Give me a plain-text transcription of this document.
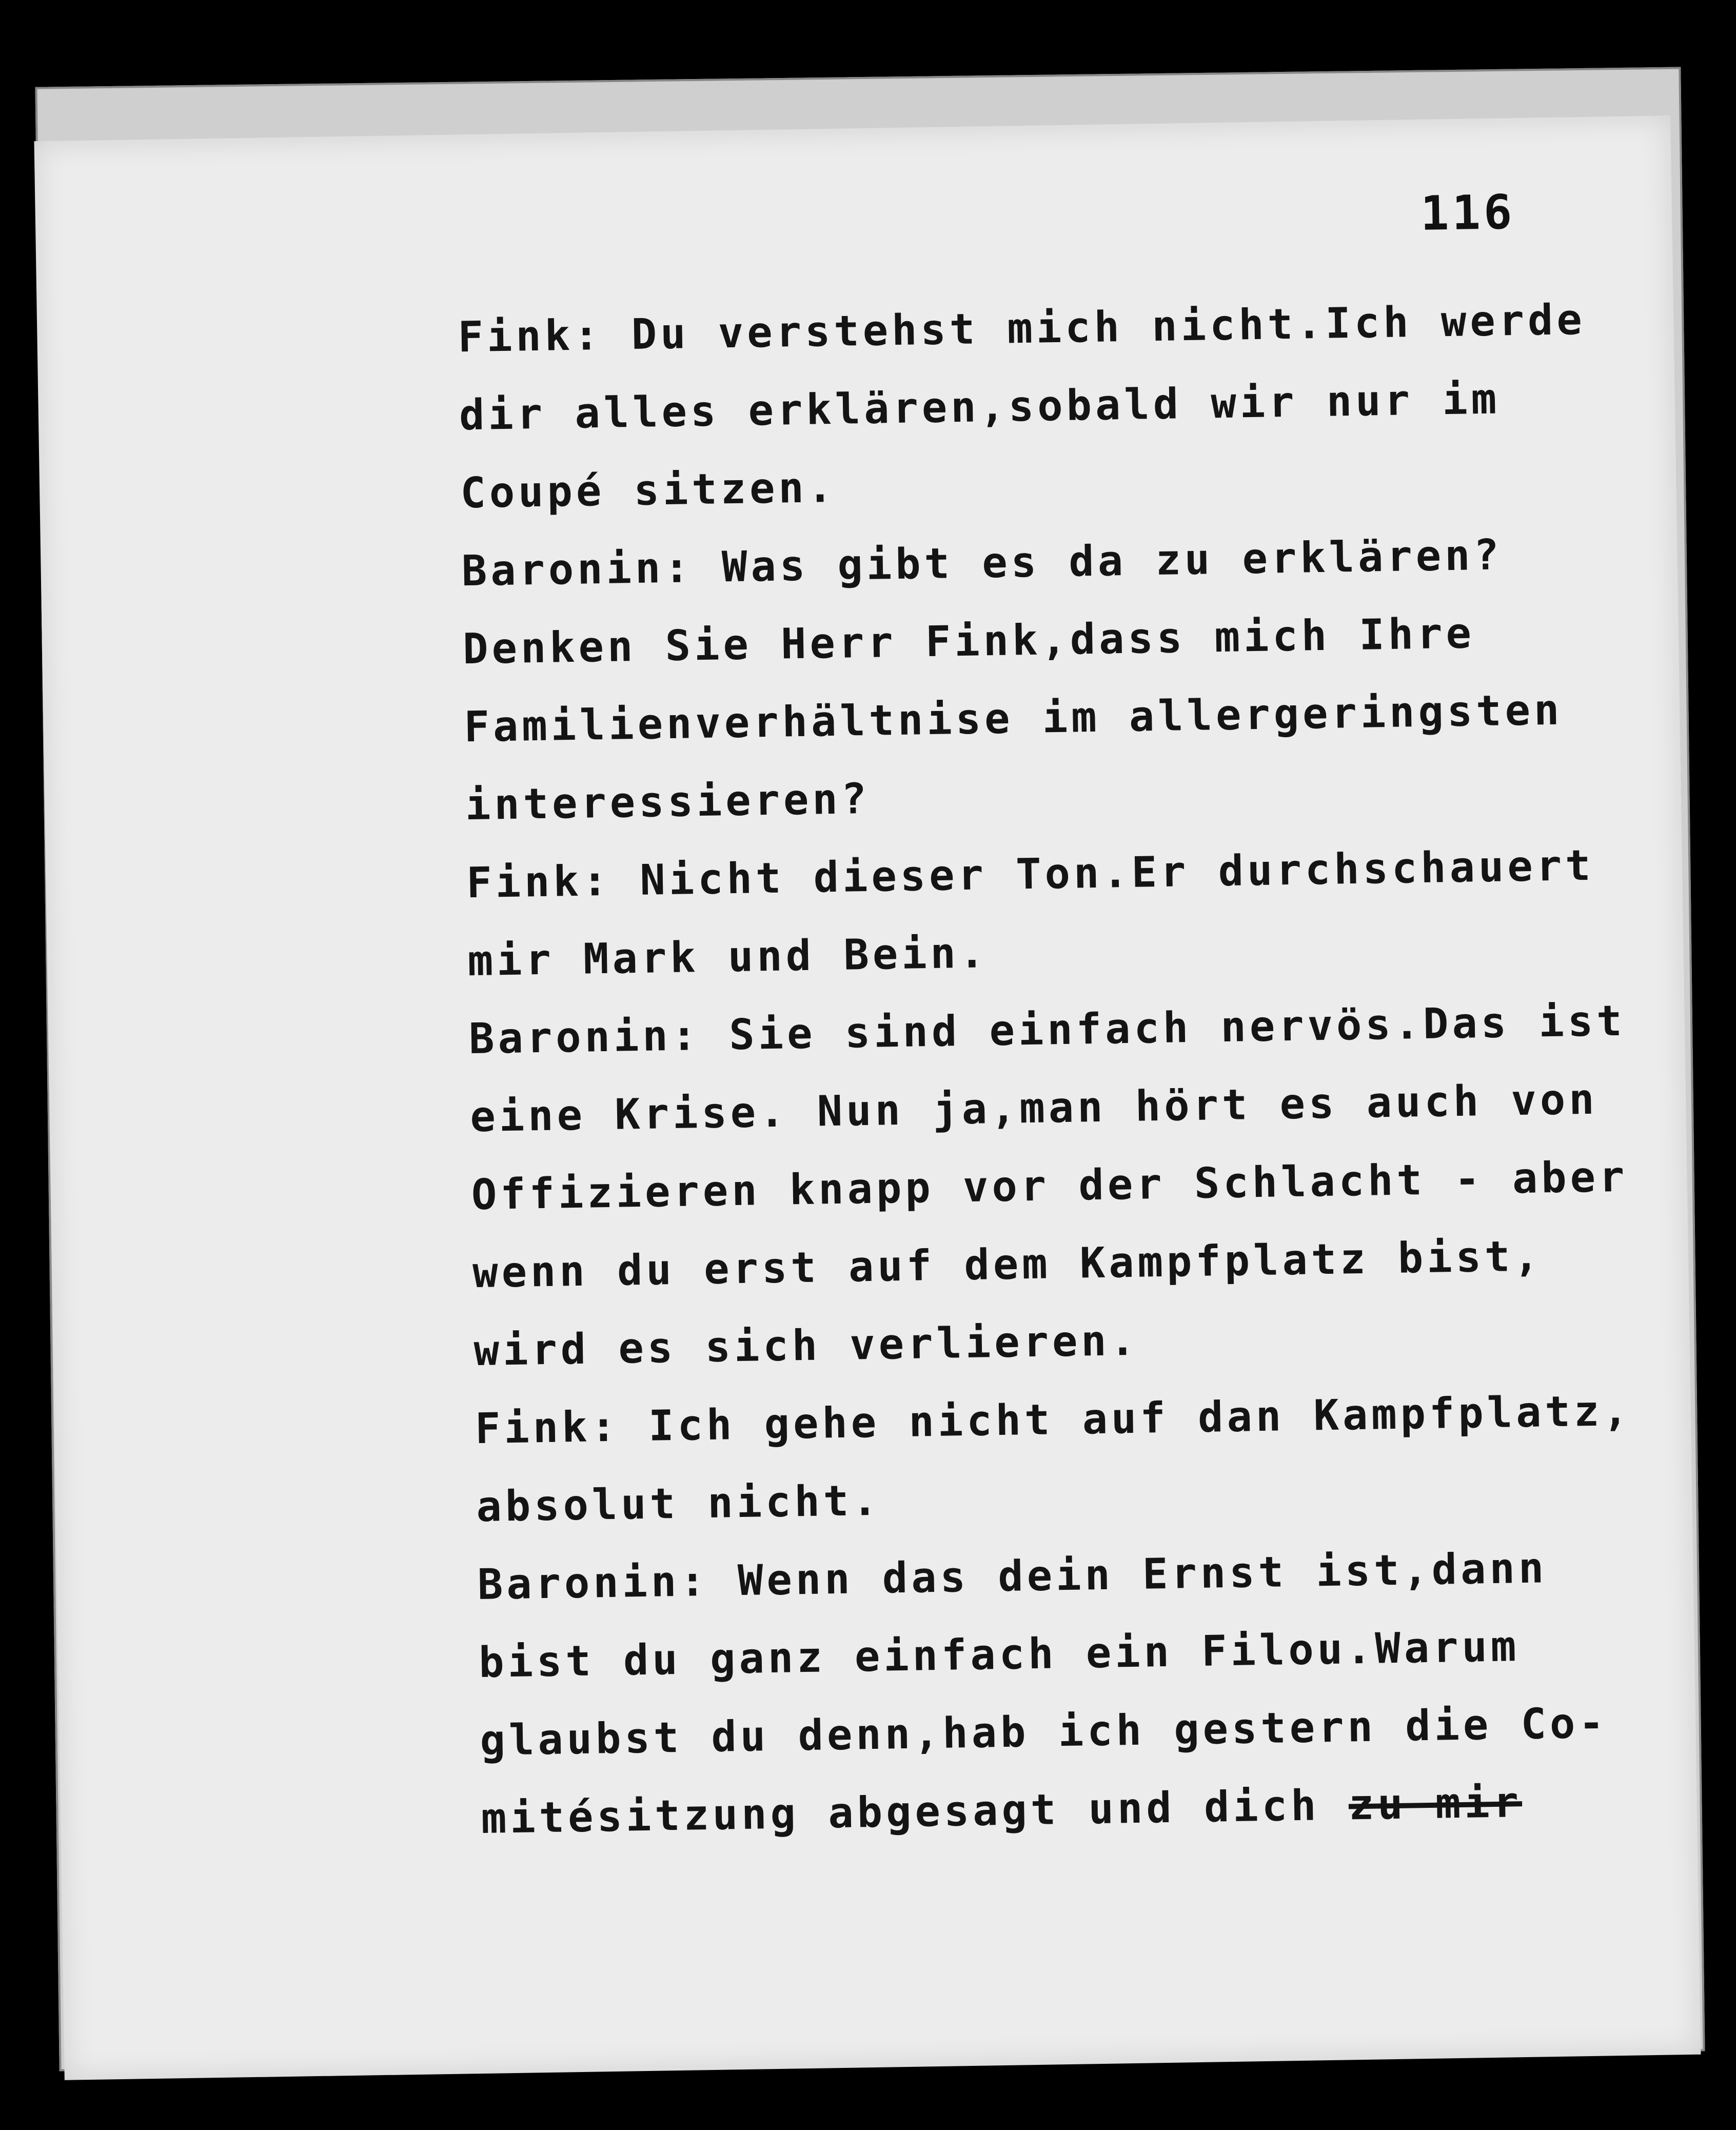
116
Fink: Du verstehst mich nicht.Ich werde
dir alles erklären,sobald wir nur im
Coupé sitzen.
Baronin: Was gibt es da zu erklären?
Denken Sie Herr Fink,dass mich Ihre
Familienverhältnise im allergeringsten
interessieren?
Fink: Nicht dieser Ton.Er durchschauert
mir Mark und Bein.
Baronin: Sie sind einfach nervös.Das ist
eine Krise. Nun ja,man hört es auch von
Offizieren knapp vor der Schlacht - aber
wenn du erst auf dem Kampfplatz bist,
wird es sich verlieren.
Fink: Ich gehe nicht auf dan Kampfplatz,
absolut nicht.
Baronin: Wenn das dein Ernst ist,dann
bist du ganz einfach ein Filou.Warum
glaubst du denn,hab ich gestern die Co-
mitésitzung abgesagt und dich zu mir
